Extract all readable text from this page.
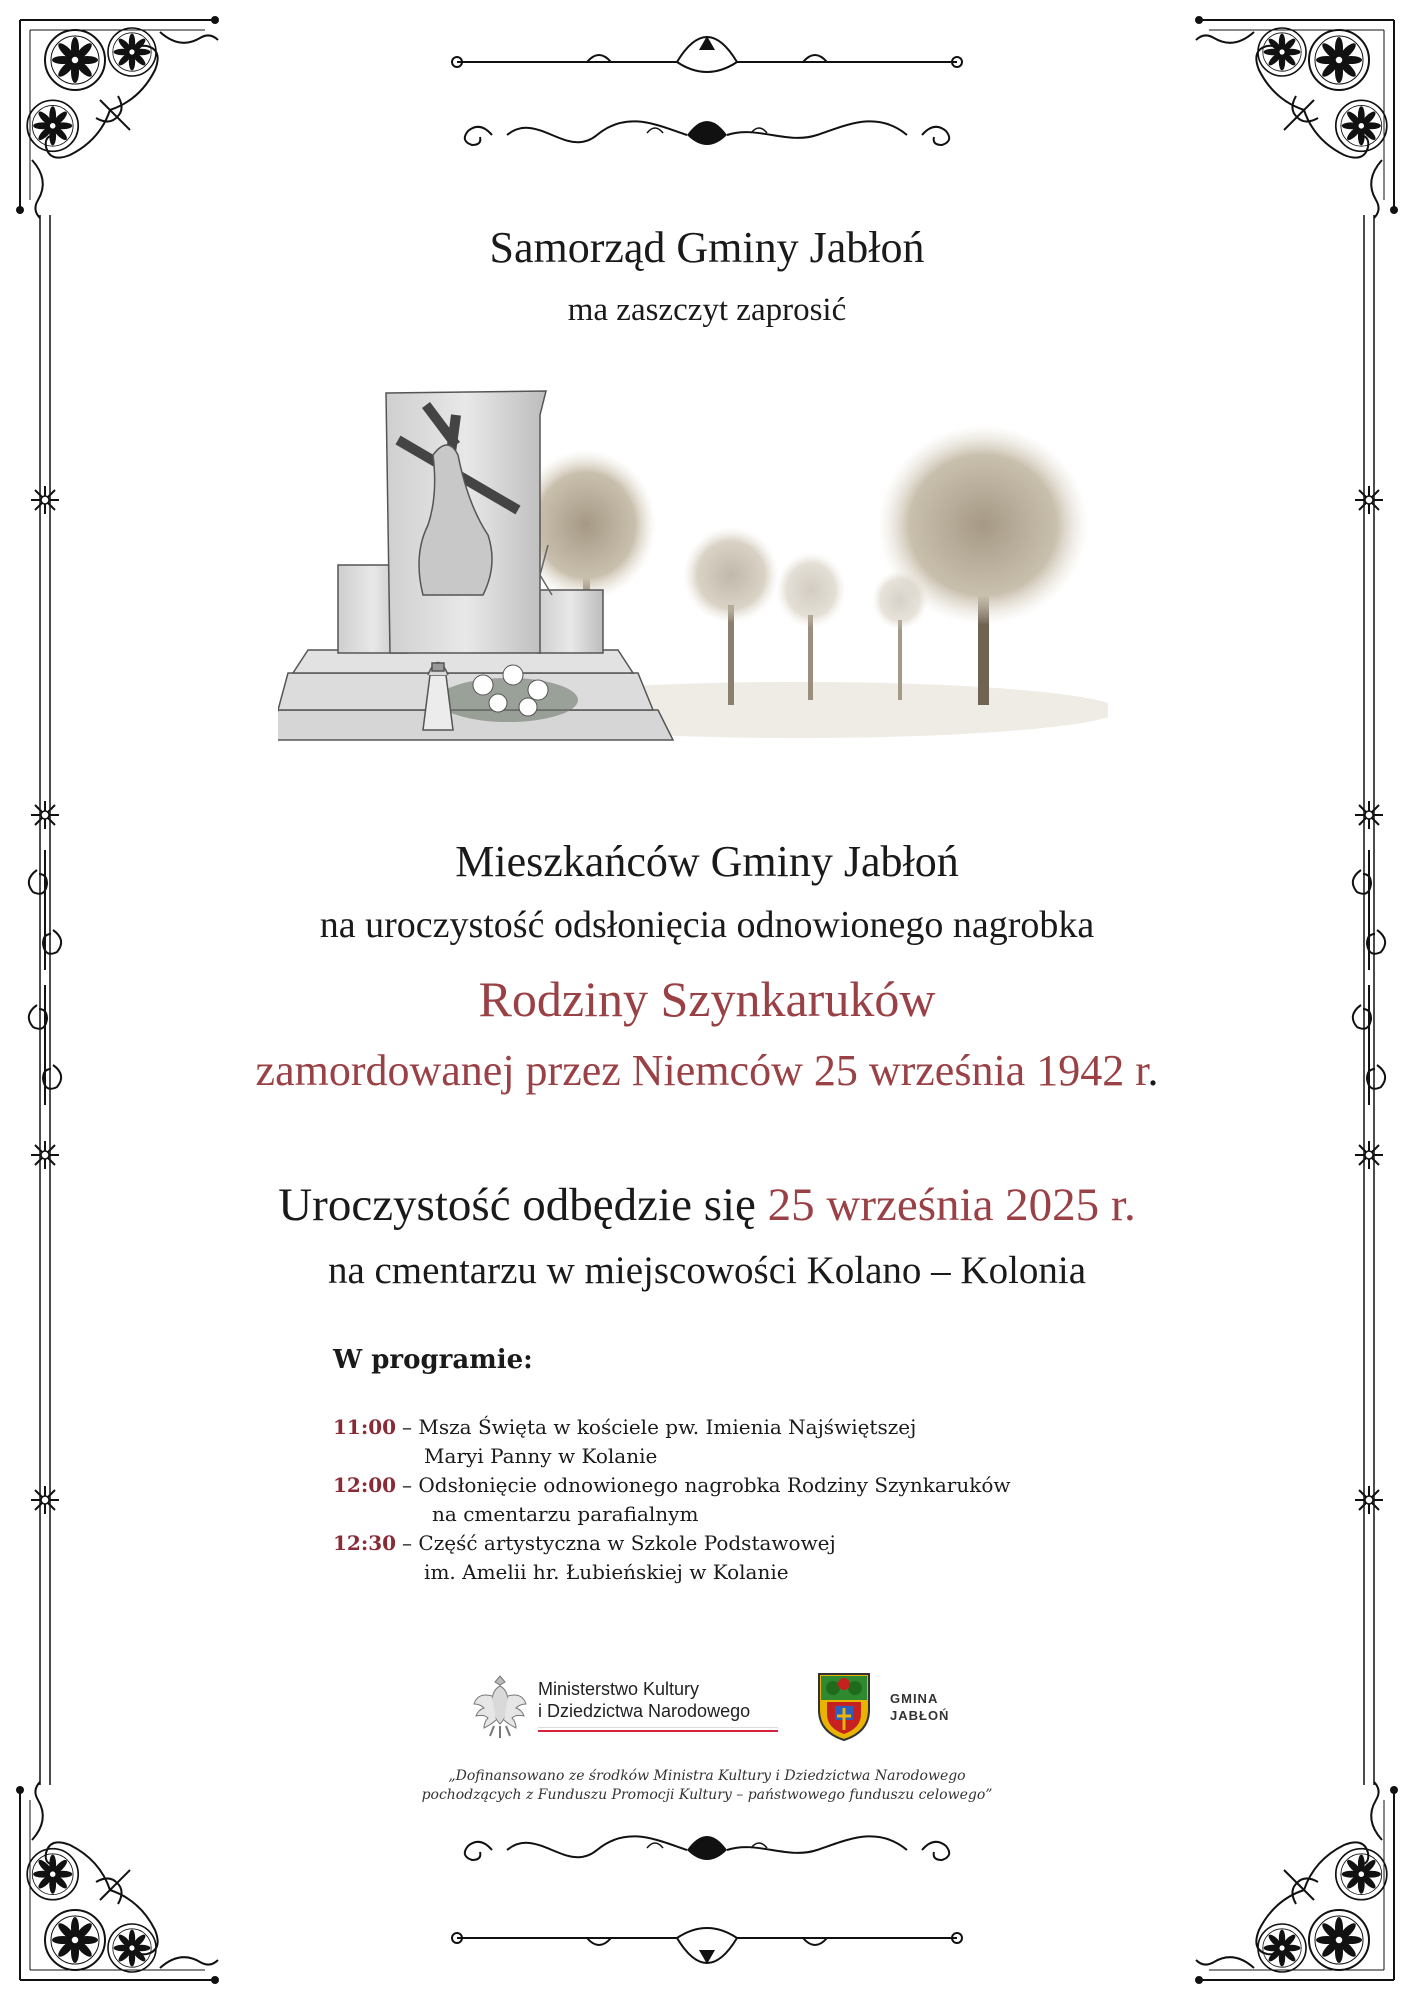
Samorząd Gminy Jabłoń
ma zaszczyt zaprosić
Mieszkańców Gminy Jabłoń
na uroczystość odsłonięcia odnowionego nagrobka
Rodziny Szynkaruków
zamordowanej przez Niemców 25 września 1942 r.
Uroczystość odbędzie się 25 września 2025 r.
na cmentarzu w miejscowości Kolano – Kolonia
W programie:
11:00 – Msza Święta w kościele pw. Imienia Najświętszej
Maryi Panny w Kolanie
12:00 – Odsłonięcie odnowionego nagrobka Rodziny Szynkaruków
na cmentarzu parafialnym
12:30 – Część artystyczna w Szkole Podstawowej
im. Amelii hr. Łubieńskiej w Kolanie
Ministerstwo Kultury
i Dziedzictwa Narodowego
GMINA
JABŁOŃ
„Dofinansowano ze środków Ministra Kultury i Dziedzictwa Narodowego
pochodzących z Funduszu Promocji Kultury – państwowego funduszu celowego”
